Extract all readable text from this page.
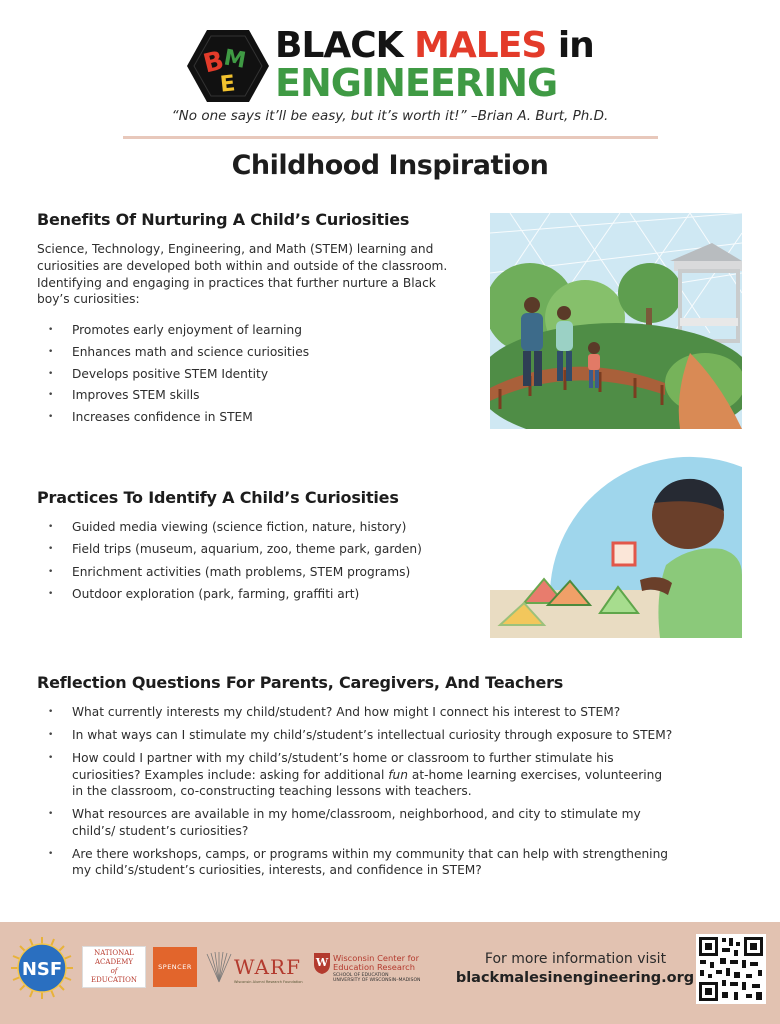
B
M
E
BLACK MALES in
ENGINEERING
“No one says it’ll be easy, but it’s worth it!” –Brian A. Burt, Ph.D.
Childhood Inspiration
Benefits Of Nurturing A Child’s Curiosities
Science, Technology, Engineering, and Math (STEM) learning and curiosities are developed both within and outside of the classroom. Identifying and engaging in practices that further nurture a Black boy’s curiosities:
• Promotes early enjoyment of learning
• Enhances math and science curiosities
• Develops positive STEM Identity
• Improves STEM skills
• Increases confidence in STEM
Practices To Identify A Child’s Curiosities
• Guided media viewing (science fiction, nature, history)
• Field trips (museum, aquarium, zoo, theme park, garden)
• Enrichment activities (math problems, STEM programs)
• Outdoor exploration (park, farming, graffiti art)
Reflection Questions For Parents, Caregivers, And Teachers
• What currently interests my child/student? And how might I connect his interest to STEM?
• In what ways can I stimulate my child’s/student’s intellectual curiosity through exposure to STEM?
• How could I partner with my child’s/student’s home or classroom to further stimulate his curiosities? Examples include: asking for additional fun at-home learning exercises, volunteering in the classroom, co-constructing teaching lessons with teachers.
• What resources are available in my home/classroom, neighborhood, and city to stimulate my child’s/ student’s curiosities?
• Are there workshops, camps, or programs within my community that can help with strengthening my child’s/student’s curiosities, interests, and confidence in STEM?
NSF
NATIONAL
ACADEMY
of
EDUCATION
SPENCER WARF
Wisconsin Alumni Research Foundation
W Wisconsin Center for
Education Research
SCHOOL OF EDUCATION
UNIVERSITY OF WISCONSIN–MADISON
For more information visit
blackmalesinengineering.org
